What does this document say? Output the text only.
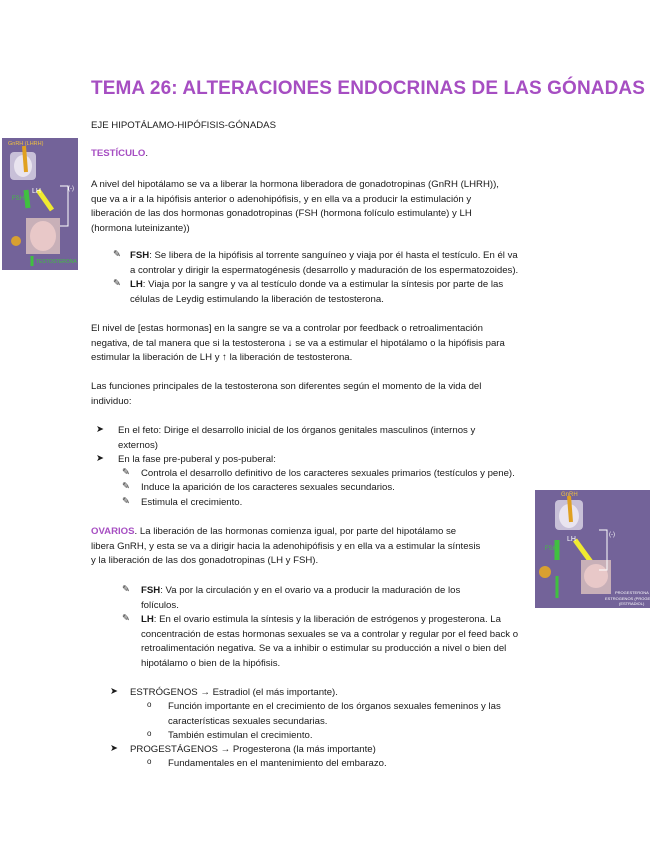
TEMA 26: ALTERACIONES ENDOCRINAS DE LAS GÓNADAS
EJE HIPOTÁLAMO-HIPÓFISIS-GÓNADAS
GnRH (LHRH)
LH
FSH
(-)
TESTOSTERONA
GnRH
LH
FSH
(-)
PROGESTERONA
ESTROGENOS (PROGESTERONA)
(ESTRADIOL)
TESTÍCULO.
A nivel del hipotálamo se va a liberar la hormona liberadora de gonadotropinas (GnRH (LHRH)),
que va a ir a la hipófisis anterior o adenohipófisis, y en ella va a producir la estimulación y
liberación de las dos hormonas gonadotropinas (FSH (hormona folículo estimulante) y LH
(hormona luteinizante))
✎ FSH: Se libera de la hipófisis al torrente sanguíneo y viaja por él hasta el testículo. En él va
a controlar y dirigir la espermatogénesis (desarrollo y maduración de los espermatozoides).
✎ LH: Viaja por la sangre y va al testículo donde va a estimular la síntesis por parte de las
células de Leydig estimulando la liberación de testosterona.
El nivel de [estas hormonas] en la sangre se va a controlar por feedback o retroalimentación
negativa, de tal manera que si la testosterona ↓ se va a estimular el hipotálamo o la hipófisis para
estimular la liberación de LH y ↑ la liberación de testosterona.
Las funciones principales de la testosterona son diferentes según el momento de la vida del
individuo:
➤ En el feto: Dirige el desarrollo inicial de los órganos genitales masculinos (internos y
externos)
➤ En la fase pre-puberal y pos-puberal:
✎ Controla el desarrollo definitivo de los caracteres sexuales primarios (testículos y pene).
✎ Induce la aparición de los caracteres sexuales secundarios.
✎ Estimula el crecimiento.
OVARIOS. La liberación de las hormonas comienza igual, por parte del hipotálamo se
libera GnRH, y esta se va a dirigir hacia la adenohipófisis y en ella va a estimular la síntesis
y la liberación de las dos gonadotropinas (LH y FSH).
✎ FSH: Va por la circulación y en el ovario va a producir la maduración de los
folículos.
✎ LH: En el ovario estimula la síntesis y la liberación de estrógenos y progesterona. La
concentración de estas hormonas sexuales se va a controlar y regular por el feed back o
retroalimentación negativa. Se va a inhibir o estimular su producción a nivel o bien del
hipotálamo o bien de la hipófisis.
➤ ESTRÓGENOS → Estradiol (el más importante).
o Función importante en el crecimiento de los órganos sexuales femeninos y las
características sexuales secundarias.
o También estimulan el crecimiento.
➤ PROGESTÁGENOS → Progesterona (la más importante)
o Fundamentales en el mantenimiento del embarazo.
